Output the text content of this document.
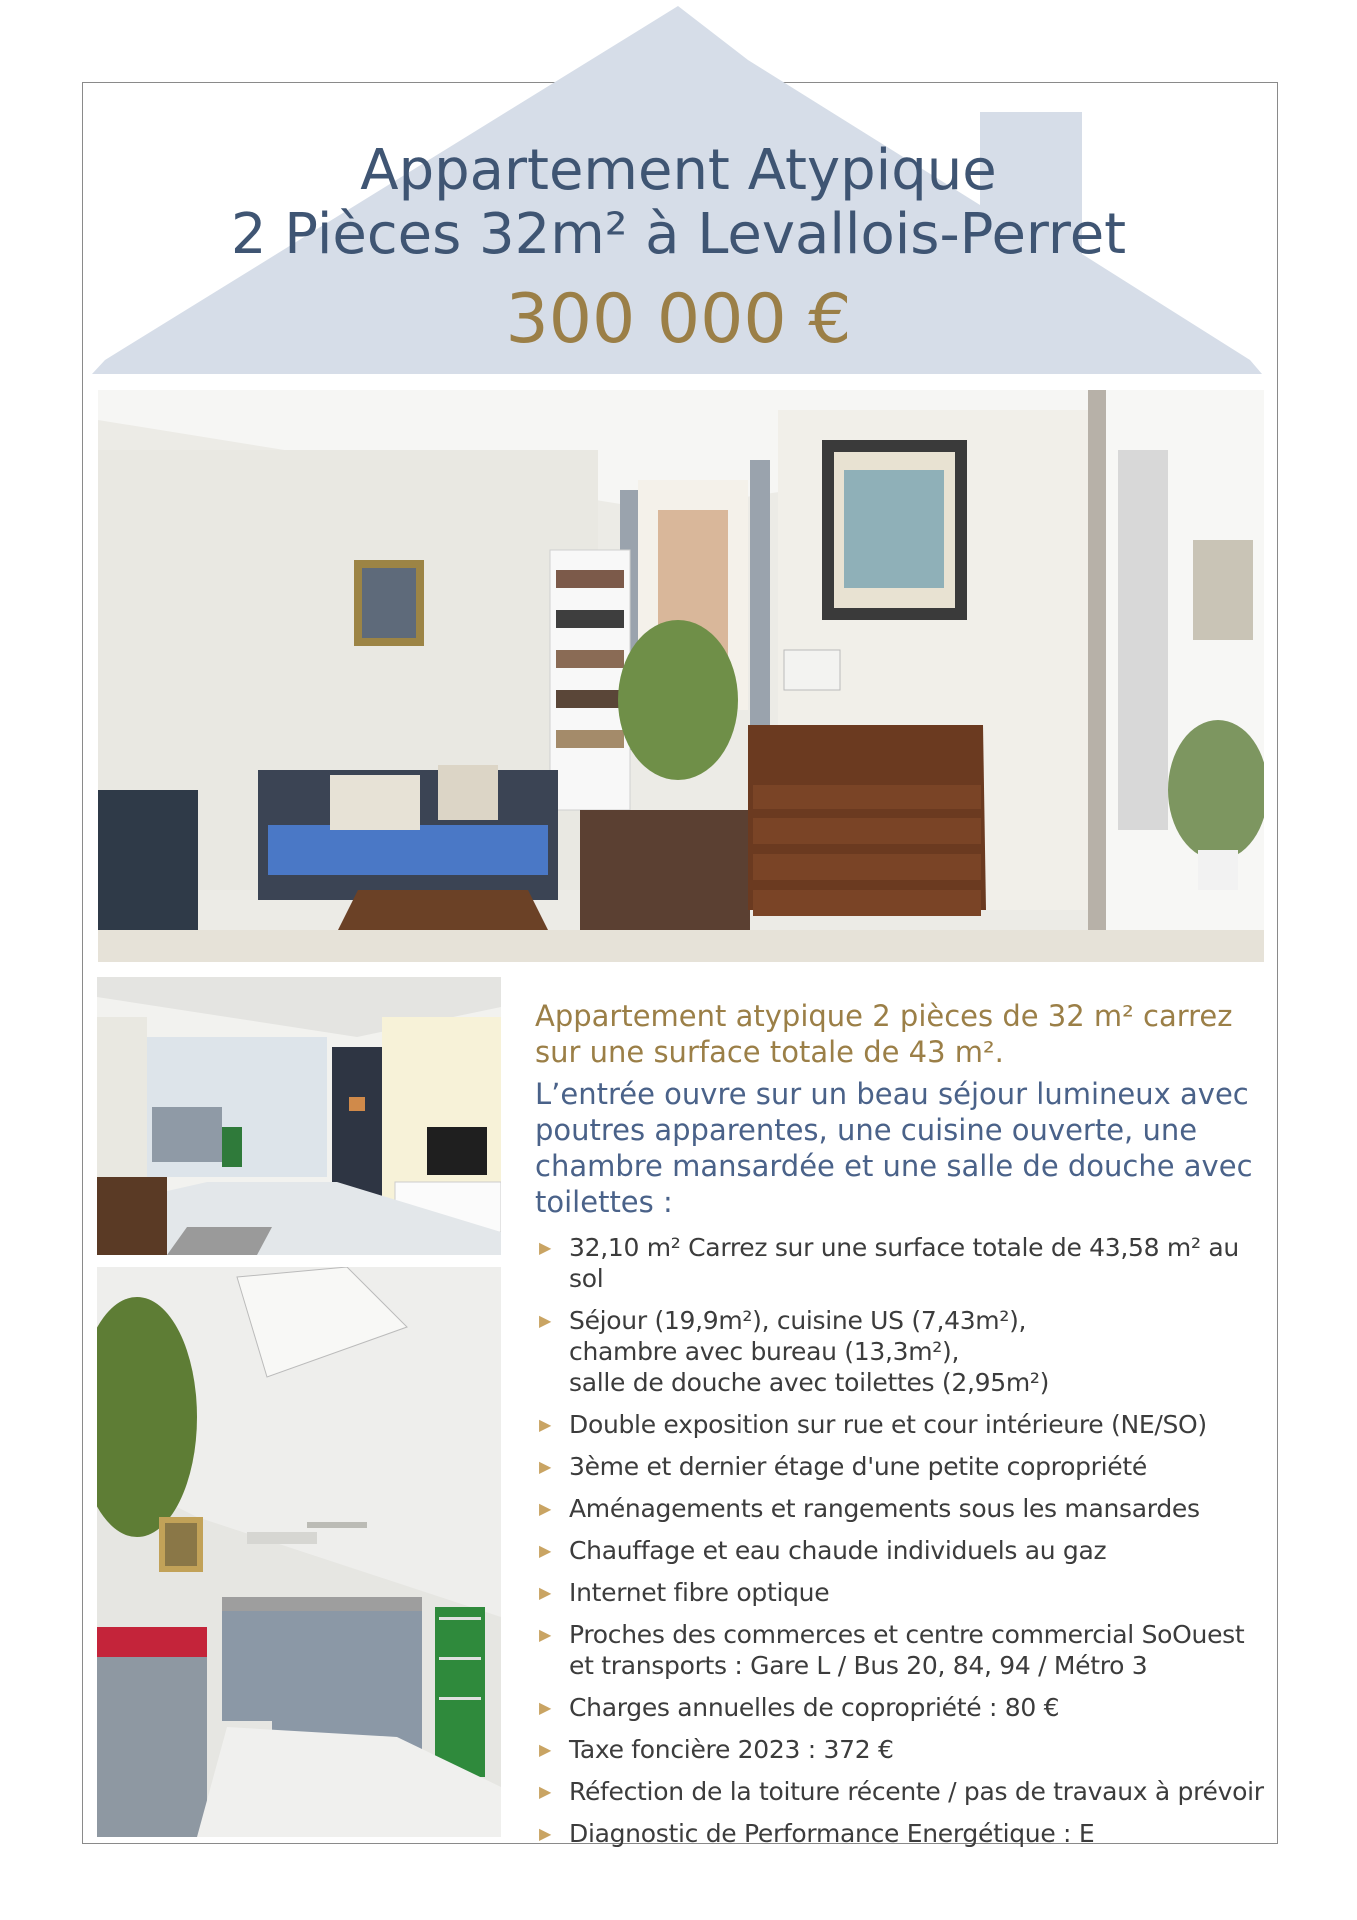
Appartement Atypique
2 Pièces 32m² à Levallois-Perret
300 000 €

Appartement atypique 2 pièces de 32 m² carrez sur une surface totale de 43 m².

L’entrée ouvre sur un beau séjour lumineux avec poutres apparentes, une cuisine ouverte, une chambre mansardée et une salle de douche avec toilettes :

▶ 32,10 m² Carrez sur une surface totale de 43,58 m² au sol
▶ Séjour (19,9m²), cuisine US (7,43m²),
chambre avec bureau (13,3m²),
salle de douche avec toilettes (2,95m²)
▶ Double exposition sur rue et cour intérieure (NE/SO)
▶ 3ème et dernier étage d'une petite copropriété
▶ Aménagements et rangements sous les mansardes
▶ Chauffage et eau chaude individuels au gaz
▶ Internet fibre optique
▶ Proches des commerces et centre commercial SoOuest
et transports : Gare L / Bus 20, 84, 94 / Métro 3
▶ Charges annuelles de copropriété : 80 €
▶ Taxe foncière 2023 : 372 €
▶ Réfection de la toiture récente / pas de travaux à prévoir
▶ Diagnostic de Performance Energétique : E
